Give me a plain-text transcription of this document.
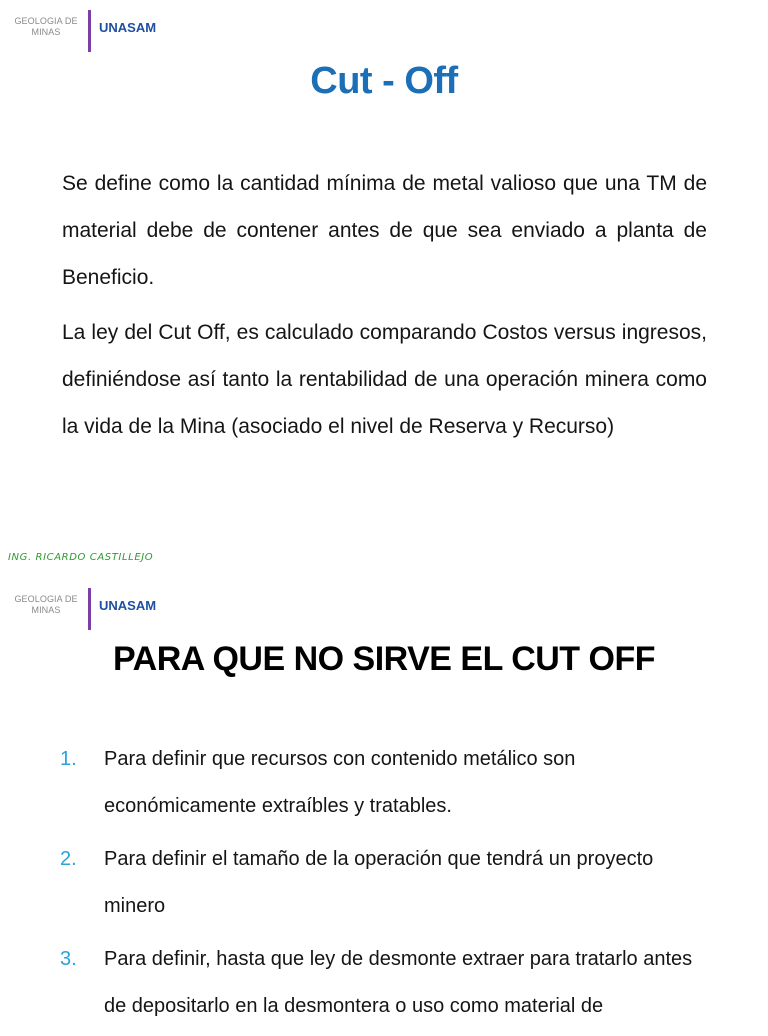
GEOLOGIA DE
MINAS	UNASAM
Cut - Off

Se define como la cantidad mínima de metal valioso que una TM de material debe de contener antes de que sea enviado a planta de Beneficio.

La ley del Cut Off, es calculado comparando Costos versus ingresos, definiéndose así tanto la rentabilidad de una operación minera como la vida de la Mina (asociado el nivel de Reserva y Recurso)

ING. RICARDO CASTILLEJO
GEOLOGIA DE
MINAS	UNASAM
PARA QUE NO SIRVE EL CUT OFF
1.	Para definir que recursos con contenido metálico son económicamente extraíbles y tratables.
2.	Para definir el tamaño de la operación que tendrá un proyecto minero
3.	Para definir, hasta que ley de desmonte extraer para tratarlo antes de depositarlo en la desmontera o uso como material de
